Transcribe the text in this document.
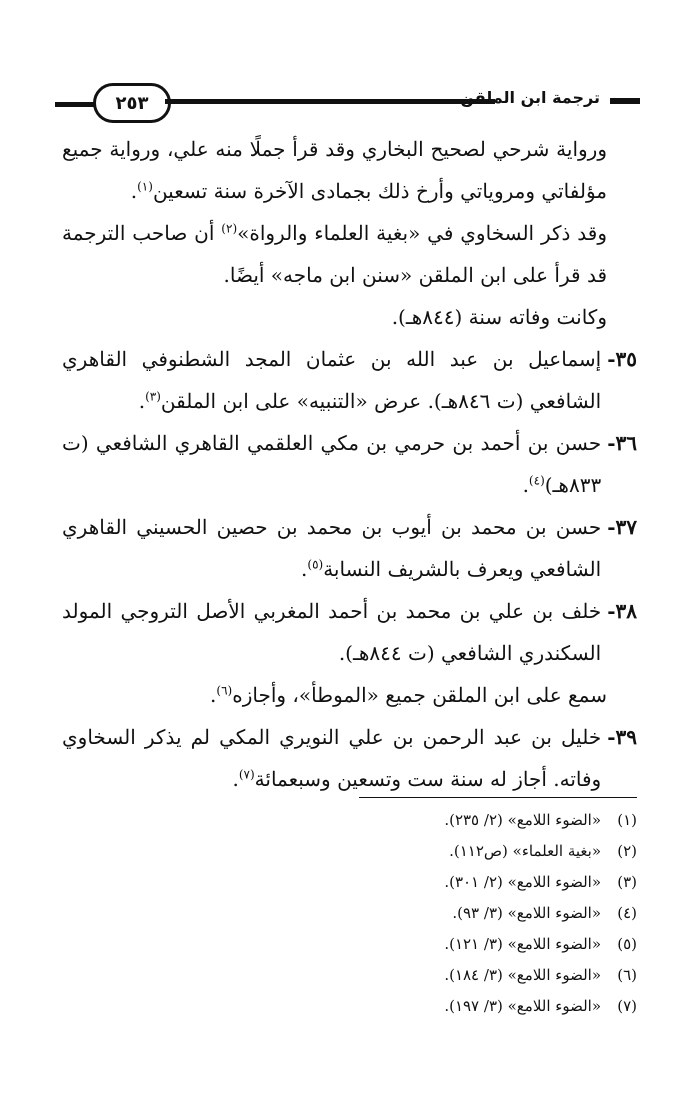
٢٥٣	ترجمة ابن الملقن

ورواية شرحي لصحيح البخاري وقد قرأ جملًا منه علي، ورواية جميع مؤلفاتي ومروياتي وأرخ ذلك بجمادى الآخرة سنة تسعين$^{(١)}$.

وقد ذكر السخاوي في «بغية العلماء والرواة»$^{(٢)}$ أن صاحب الترجمة قد قرأ على ابن الملقن «سنن ابن ماجه» أيضًا.

وكانت وفاته سنة (٨٤٤هـ).

٣٥-
إسماعيل بن عبد الله بن عثمان المجد الشطنوفي القاهري الشافعي (ت ٨٤٦هـ). عرض «التنبيه» على ابن الملقن$^{(٣)}$.
٣٦-
حسن بن أحمد بن حرمي بن مكي العلقمي القاهري الشافعي (ت ٨٣٣هـ)$^{(٤)}$.
٣٧-
حسن بن محمد بن أيوب بن محمد بن حصين الحسيني القاهري الشافعي ويعرف بالشريف النسابة$^{(٥)}$.
٣٨-
خلف بن علي بن محمد بن أحمد المغربي الأصل التروجي المولد السكندري الشافعي (ت ٨٤٤هـ).

سمع على ابن الملقن جميع «الموطأ»، وأجازه$^{(٦)}$.

٣٩-
خليل بن عبد الرحمن بن علي النويري المكي لم يذكر السخاوي وفاته. أجاز له سنة ست وتسعين وسبعمائة$^{(٧)}$.
(١)
«الضوء اللامع» (٢/ ٢٣٥).
(٢)
«بغية العلماء» (ص١١٢).
(٣)
«الضوء اللامع» (٢/ ٣٠١).
(٤)
«الضوء اللامع» (٣/ ٩٣).
(٥)
«الضوء اللامع» (٣/ ١٢١).
(٦)
«الضوء اللامع» (٣/ ١٨٤).
(٧)
«الضوء اللامع» (٣/ ١٩٧).
